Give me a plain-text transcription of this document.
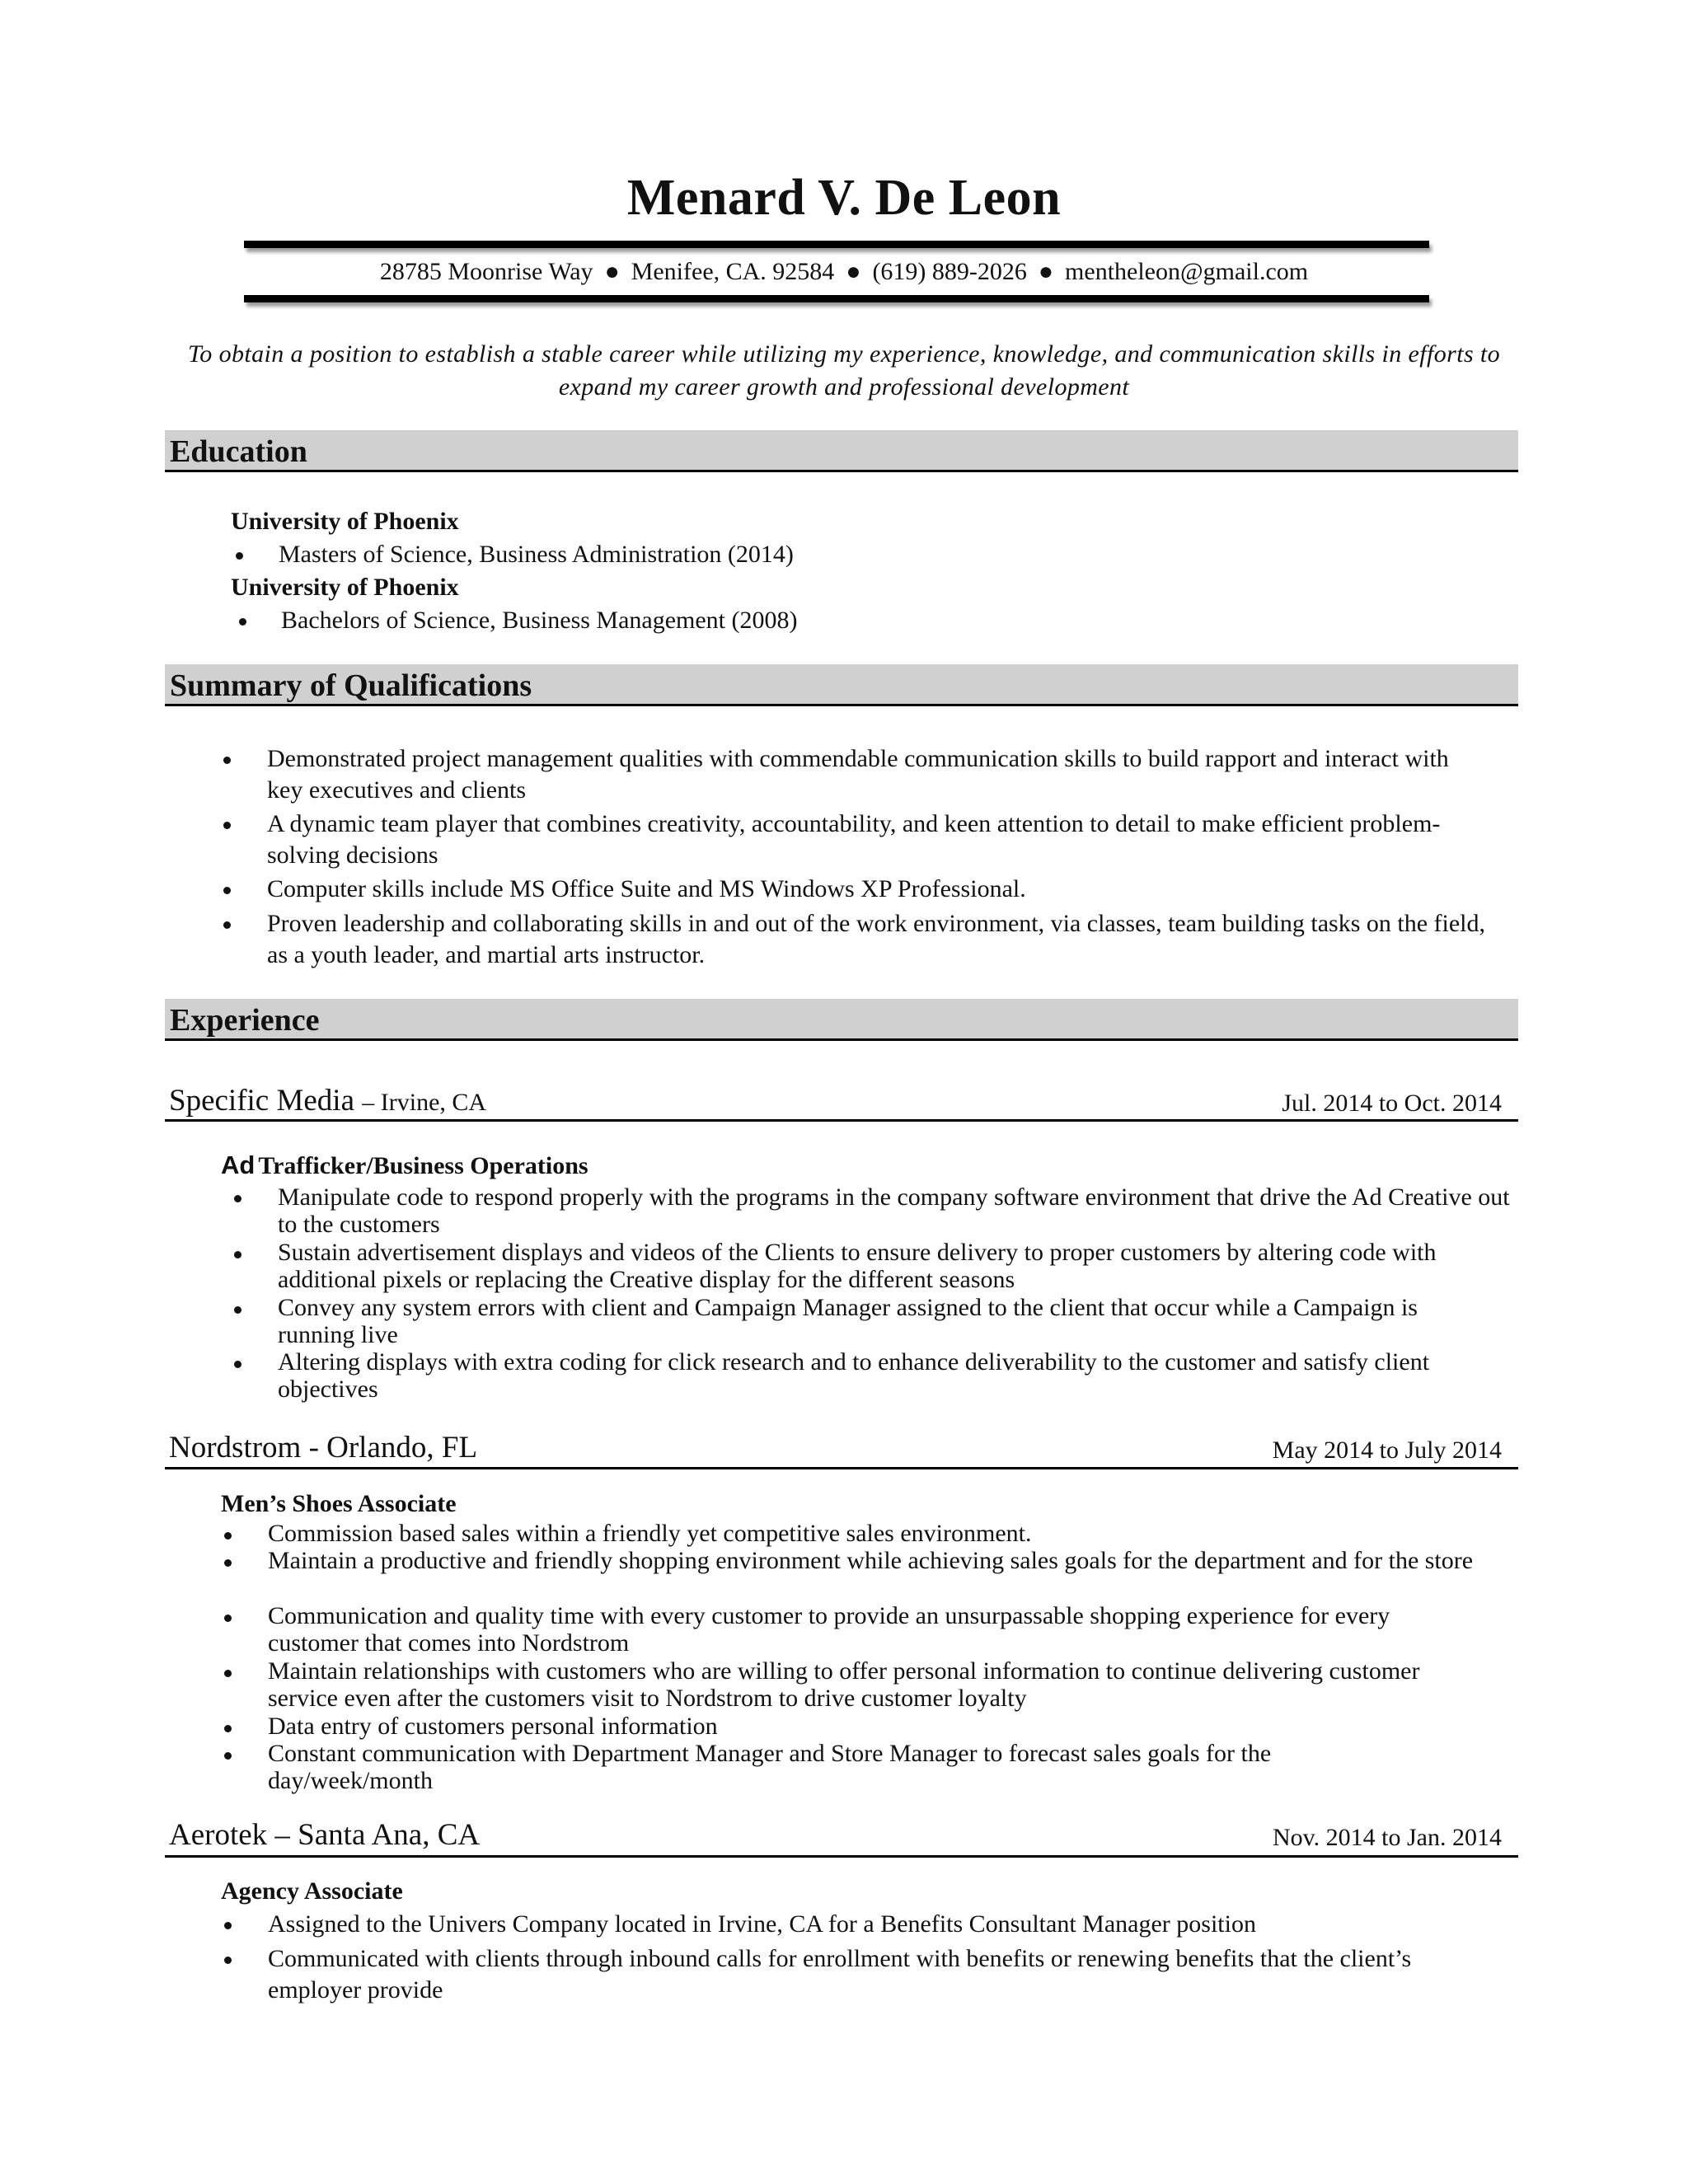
Menard V. De Leon
28785 Moonrise Way ● Menifee, CA. 92584 ● (619) 889-2026 ● mentheleon@gmail.com
To obtain a position to establish a stable career while utilizing my experience, knowledge, and communication skills in efforts to expand my career growth and professional development
Education
University of Phoenix
Masters of Science, Business Administration (2014)
University of Phoenix
Bachelors of Science, Business Management (2008)
Summary of Qualifications
Demonstrated project management qualities with commendable communication skills to build rapport and interact with key executives and clients
A dynamic team player that combines creativity, accountability, and keen attention to detail to make efficient problem-solving decisions
Computer skills include MS Office Suite and MS Windows XP Professional.
Proven leadership and collaborating skills in and out of the work environment, via classes, team building tasks on the field, as a youth leader, and martial arts instructor.
Experience
Specific Media – Irvine, CA	Jul. 2014 to Oct. 2014
Ad Trafficker/Business Operations
Manipulate code to respond properly with the programs in the company software environment that drive the Ad Creative out to the customers
Sustain advertisement displays and videos of the Clients to ensure delivery to proper customers by altering code with additional pixels or replacing the Creative display for the different seasons
Convey any system errors with client and Campaign Manager assigned to the client that occur while a Campaign is running live
Altering displays with extra coding for click research and to enhance deliverability to the customer and satisfy client objectives
Nordstrom - Orlando, FL	May 2014 to July 2014
Men’s Shoes Associate
Commission based sales within a friendly yet competitive sales environment.
Maintain a productive and friendly shopping environment while achieving sales goals for the department and for the store
Communication and quality time with every customer to provide an unsurpassable shopping experience for every customer that comes into Nordstrom
Maintain relationships with customers who are willing to offer personal information to continue delivering customer service even after the customers visit to Nordstrom to drive customer loyalty
Data entry of customers personal information
Constant communication with Department Manager and Store Manager to forecast sales goals for the day/week/month
Aerotek – Santa Ana, CA	Nov. 2014 to Jan. 2014
Agency Associate
Assigned to the Univers Company located in Irvine, CA for a Benefits Consultant Manager position
Communicated with clients through inbound calls for enrollment with benefits or renewing benefits that the client’s employer provide
